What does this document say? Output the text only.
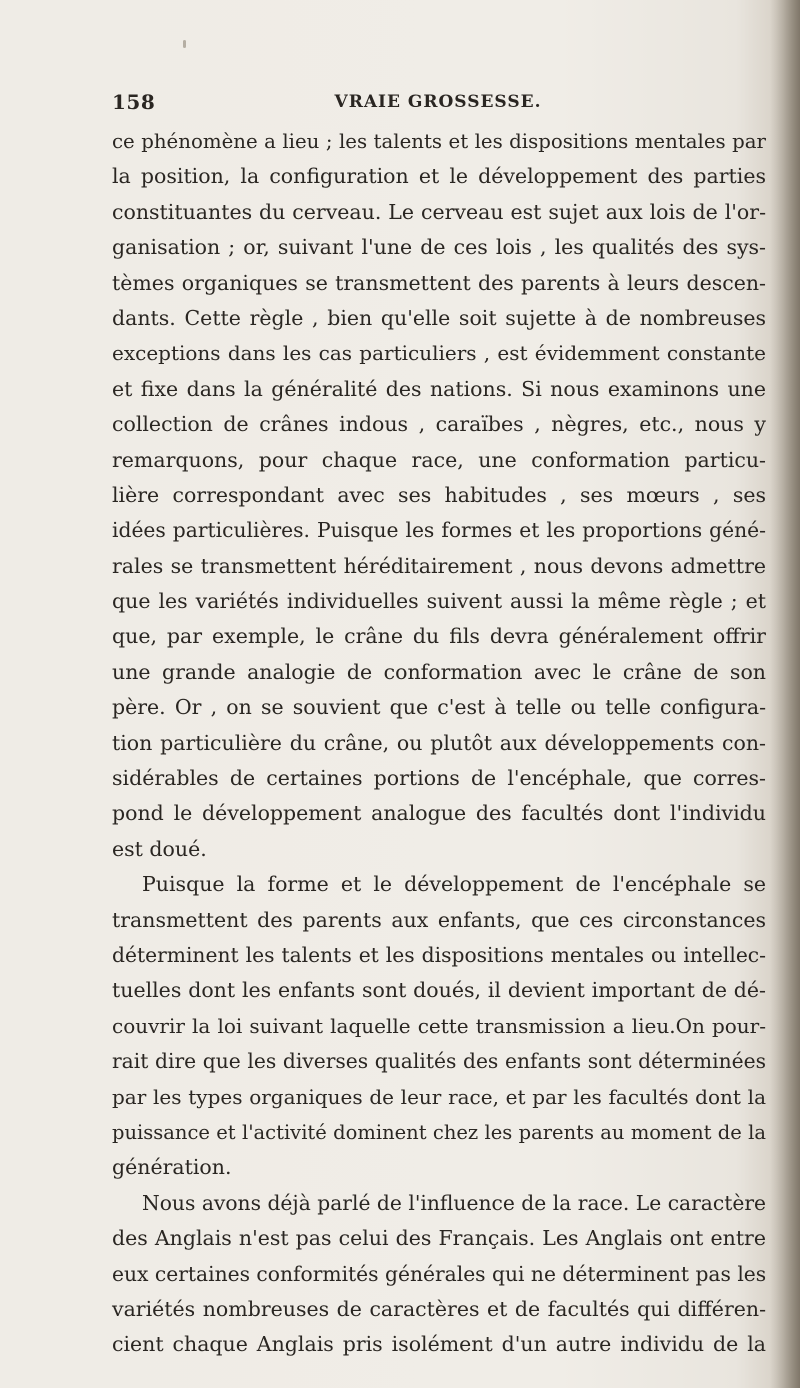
158	VRAIE GROSSESSE.
ce phénomène a lieu ; les talents et les dispositions mentales par
la position, la configuration et le développement des parties
constituantes du cerveau. Le cerveau est sujet aux lois de l'or-
ganisation ; or, suivant l'une de ces lois , les qualités des sys-
tèmes organiques se transmettent des parents à leurs descen-
dants. Cette règle , bien qu'elle soit sujette à de nombreuses
exceptions dans les cas particuliers , est évidemment constante
et fixe dans la généralité des nations. Si nous examinons une
collection de crânes indous , caraïbes , nègres, etc., nous y
remarquons, pour chaque race, une conformation particu-
lière correspondant avec ses habitudes , ses mœurs , ses
idées particulières. Puisque les formes et les proportions géné-
rales se transmettent héréditairement , nous devons admettre
que les variétés individuelles suivent aussi la même règle ; et
que, par exemple, le crâne du fils devra généralement offrir
une grande analogie de conformation avec le crâne de son
père. Or , on se souvient que c'est à telle ou telle configura-
tion particulière du crâne, ou plutôt aux développements con-
sidérables de certaines portions de l'encéphale, que corres-
pond le développement analogue des facultés dont l'individu
est doué.
Puisque la forme et le développement de l'encéphale se
transmettent des parents aux enfants, que ces circonstances
déterminent les talents et les dispositions mentales ou intellec-
tuelles dont les enfants sont doués, il devient important de dé-
couvrir la loi suivant laquelle cette transmission a lieu.On pour-
rait dire que les diverses qualités des enfants sont déterminées
par les types organiques de leur race, et par les facultés dont la
puissance et l'activité dominent chez les parents au moment de la
génération.
Nous avons déjà parlé de l'influence de la race. Le caractère
des Anglais n'est pas celui des Français. Les Anglais ont entre
eux certaines conformités générales qui ne déterminent pas les
variétés nombreuses de caractères et de facultés qui différen-
cient chaque Anglais pris isolément d'un autre individu de la
